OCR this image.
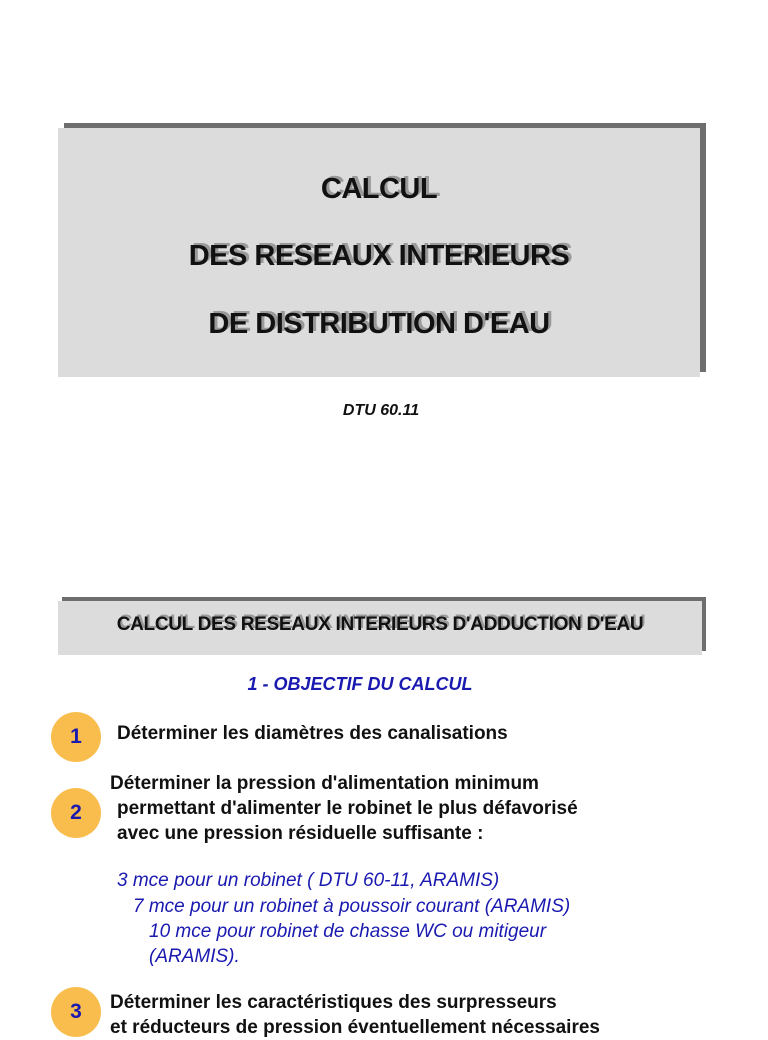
CALCUL
DES RESEAUX INTERIEURS
DE DISTRIBUTION D'EAU
DTU 60.11
CALCUL DES RESEAUX INTERIEURS D'ADDUCTION D'EAU
1 - OBJECTIF DU CALCUL
1	Déterminer les diamètres des canalisations
2
Déterminer la pression d'alimentation minimum
permettant d'alimenter le robinet le plus défavorisé
avec une pression résiduelle suffisante :
3 mce pour un robinet ( DTU 60-11, ARAMIS)
7 mce pour un robinet à poussoir courant (ARAMIS)
10 mce pour robinet de chasse WC ou mitigeur
(ARAMIS).
3	Déterminer les caractéristiques des surpresseurs
et réducteurs de pression éventuellement nécessaires
